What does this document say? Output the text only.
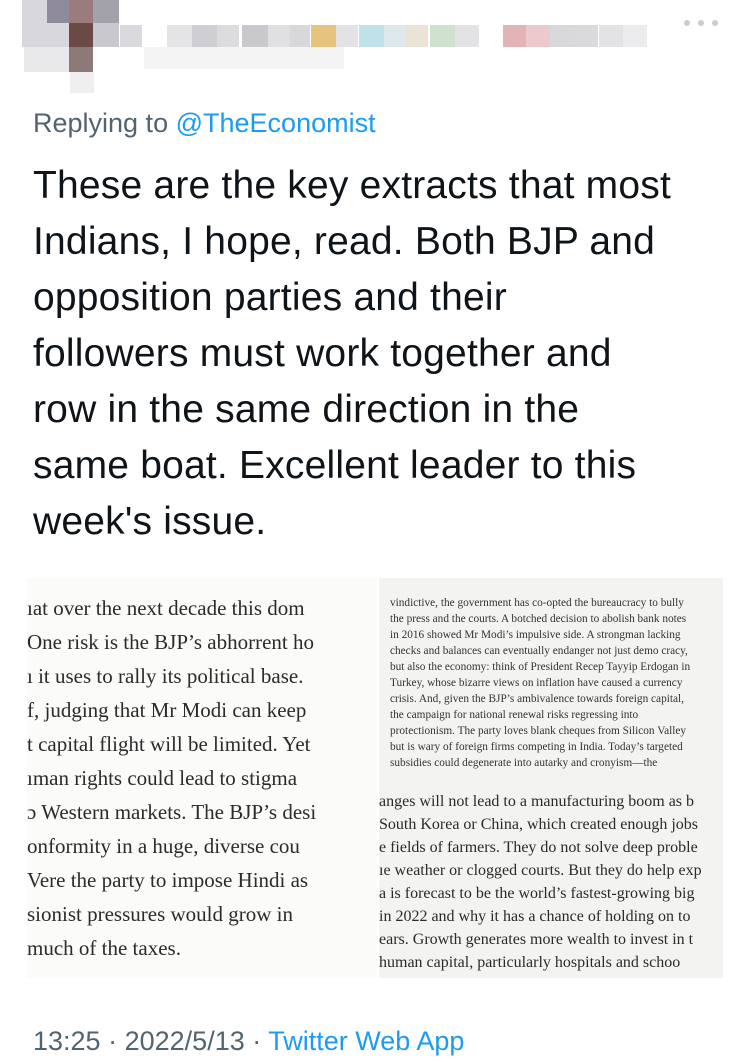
Replying to @TheEconomist
These are the key extracts that most
Indians, I hope, read. Both BJP and
opposition parties and their
followers must work together and
row in the same direction in the
same boat. Excellent leader to this
week's issue.
ıat over the next decade this dom
One risk is the BJP’s abhorrent ho
ı it uses to rally its political base.
f, judging that Mr Modi can keep
t capital flight will be limited. Yet
ıman rights could lead to stigma
ɔ Western markets. The BJP’s desi
onformity in a huge, diverse cou
Vere the party to impose Hindi as
sionist pressures would grow in
much of the taxes.
vindictive, the government has co-opted the bureaucracy to bully
the press and the courts. A botched decision to abolish bank notes
in 2016 showed Mr Modi’s impulsive side. A strongman lacking
checks and balances can eventually endanger not just demo cracy,
but also the economy: think of President Recep Tayyip Erdogan in
Turkey, whose bizarre views on inflation have caused a currency
crisis. And, given the BJP’s ambivalence towards foreign capital,
the campaign for national renewal risks regressing into
protectionism. The party loves blank cheques from Silicon Valley
but is wary of foreign firms competing in India. Today’s targeted
subsidies could degenerate into autarky and cronyism—the
anges will not lead to a manufacturing boom as b
South Korea or China, which created enough jobs
e fields of farmers. They do not solve deep proble
ıe weather or clogged courts. But they do help exp
a is forecast to be the world’s fastest-growing big
in 2022 and why it has a chance of holding on to
ears. Growth generates more wealth to invest in t
human capital, particularly hospitals and schoo
13:25 · 2022/5/13 · Twitter Web App
